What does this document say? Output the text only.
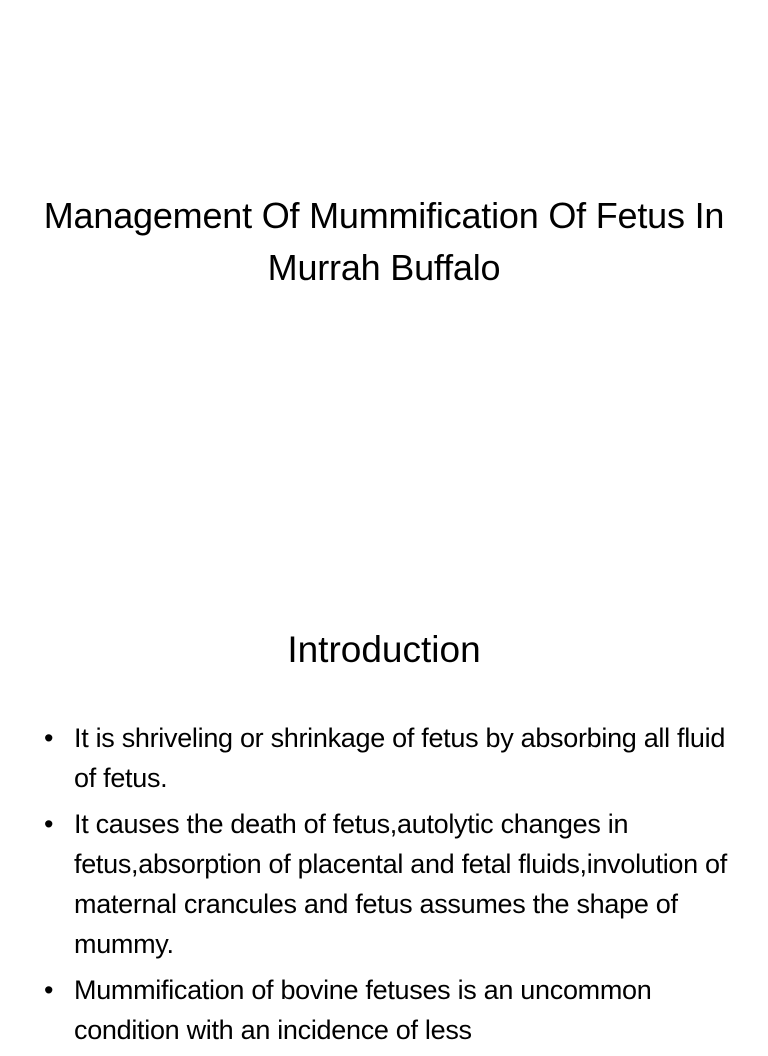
Management Of Mummification Of Fetus In Murrah Buffalo
Introduction
• It is shriveling or shrinkage of fetus by absorbing all fluid of fetus.
• It causes the death of fetus,autolytic changes in fetus,absorption of placental and fetal fluids,involution of maternal crancules and fetus assumes the shape of mummy.
• Mummification of bovine fetuses is an uncommon condition with an incidence of less
